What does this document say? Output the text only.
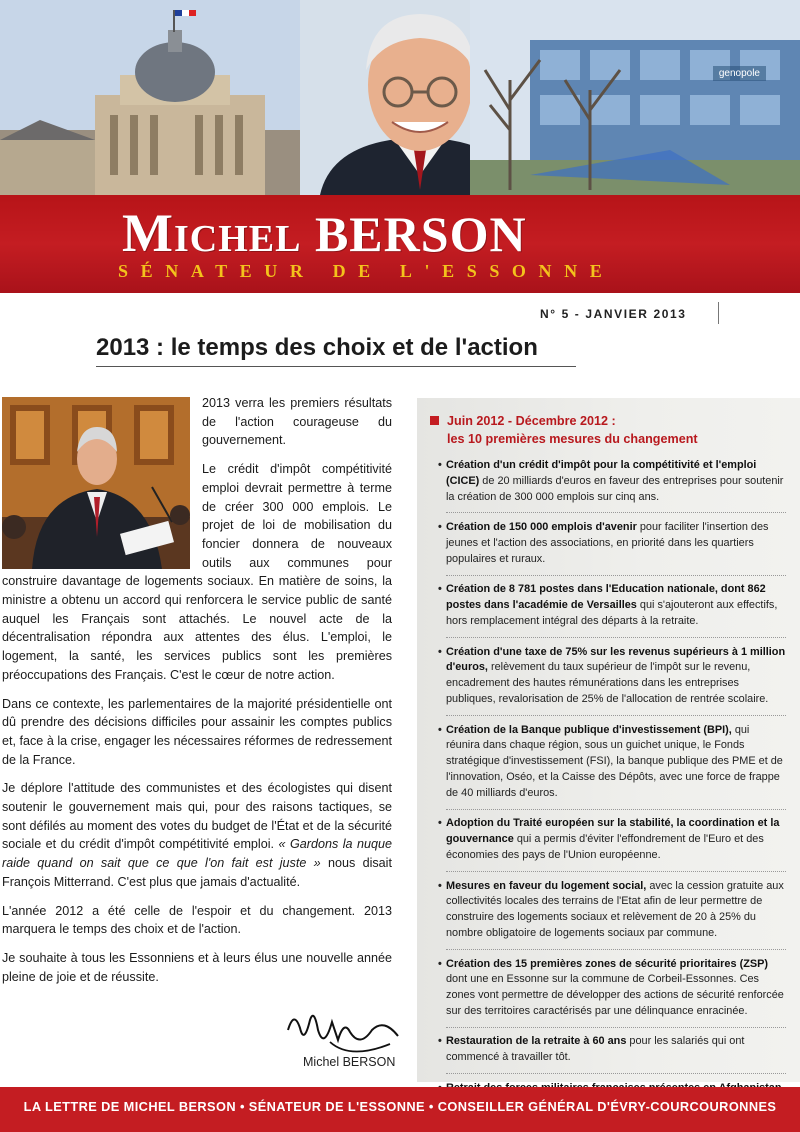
genopole
Michel BERSON

SÉNATEUR DE L'ESSONNE

N° 5 - JANVIER 2013

2013 : le temps des choix et de l'action

2013 verra les premiers résultats de l'action courageuse du gouvernement.

Le crédit d'impôt compétitivité emploi devrait permettre à terme de créer 300 000 emplois. Le projet de loi de mobilisation du foncier donnera de nouveaux outils aux communes pour construire davantage de logements sociaux. En matière de soins, la ministre a obtenu un accord qui renforcera le service public de santé auquel les Français sont attachés. Le nouvel acte de la décentralisation répondra aux attentes des élus. L'emploi, le logement, la santé, les services publics sont les premières préoccupations des Français. C'est le cœur de notre action.

Dans ce contexte, les parlementaires de la majorité présidentielle ont dû prendre des décisions difficiles pour assainir les comptes publics et, face à la crise, engager les nécessaires réformes de redressement de la France.

Je déplore l'attitude des communistes et des écologistes qui disent soutenir le gouvernement mais qui, pour des raisons tactiques, se sont défilés au moment des votes du budget de l'État et de la sécurité sociale et du crédit d'impôt compétitivité emploi. « Gardons la nuque raide quand on sait que ce que l'on fait est juste » nous disait François Mitterrand. C'est plus que jamais d'actualité.

L'année 2012 a été celle de l'espoir et du changement. 2013 marquera le temps des choix et de l'action.

Je souhaite à tous les Essonniens et à leurs élus une nouvelle année pleine de joie et de réussite.

Michel BERSON

Juin 2012 - Décembre 2012 :
les 10 premières mesures du changement

• Création d'un crédit d'impôt pour la compétitivité et l'emploi (CICE) de 20 milliards d'euros en faveur des entreprises pour soutenir la création de 300 000 emplois sur cinq ans.
• Création de 150 000 emplois d'avenir pour faciliter l'insertion des jeunes et l'action des associations, en priorité dans les quartiers populaires et ruraux.
• Création de 8 781 postes dans l'Education nationale, dont 862 postes dans l'académie de Versailles qui s'ajouteront aux effectifs, hors remplacement intégral des départs à la retraite.
• Création d'une taxe de 75% sur les revenus supérieurs à 1 million d'euros, relèvement du taux supérieur de l'impôt sur le revenu, encadrement des hautes rémunérations dans les entreprises publiques, revalorisation de 25% de l'allocation de rentrée scolaire.
• Création de la Banque publique d'investissement (BPI), qui réunira dans chaque région, sous un guichet unique, le Fonds stratégique d'investissement (FSI), la banque publique des PME et de l'innovation, Oséo, et la Caisse des Dépôts, avec une force de frappe de 40 milliards d'euros.
• Adoption du Traité européen sur la stabilité, la coordination et la gouvernance qui a permis d'éviter l'effondrement de l'Euro et des économies des pays de l'Union européenne.
• Mesures en faveur du logement social, avec la cession gratuite aux collectivités locales des terrains de l'Etat afin de leur permettre de construire des logements sociaux et relèvement de 20 à 25% du nombre obligatoire de logements sociaux par commune.
• Création des 15 premières zones de sécurité prioritaires (ZSP) dont une en Essonne sur la commune de Corbeil-Essonnes. Ces zones vont permettre de développer des actions de sécurité renforcée sur des territoires caractérisés par une délinquance enracinée.
• Restauration de la retraite à 60 ans pour les salariés qui ont commencé à travailler tôt.

LA LETTRE DE MICHEL BERSON • SÉNATEUR DE L'ESSONNE • CONSEILLER GÉNÉRAL D'ÉVRY-COURCOURONNES
